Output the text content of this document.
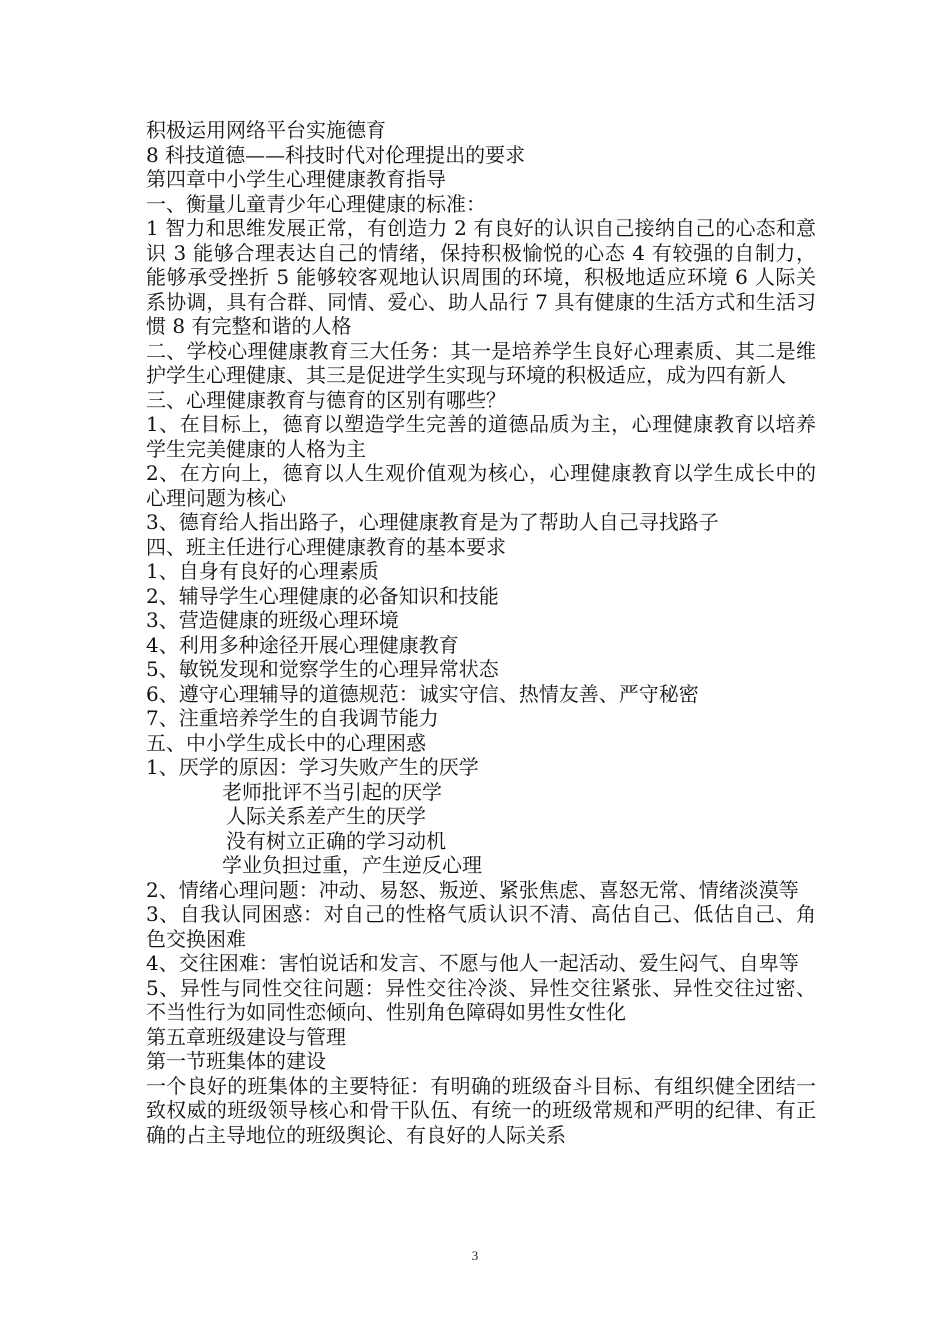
积极运用网络平台实施德育

8 科技道德——科技时代对伦理提出的要求

第四章中小学生心理健康教育指导

一、衡量儿童青少年心理健康的标准：

1 智力和思维发展正常，有创造力 2 有良好的认识自己接纳自己的心态和意识 3 能够合理表达自己的情绪，保持积极愉悦的心态 4 有较强的自制力，能够承受挫折 5 能够较客观地认识周围的环境，积极地适应环境 6 人际关系协调，具有合群、同情、爱心、助人品行 7 具有健康的生活方式和生活习惯 8 有完整和谐的人格

二、学校心理健康教育三大任务：其一是培养学生良好心理素质、其二是维护学生心理健康、其三是促进学生实现与环境的积极适应，成为四有新人

三、心理健康教育与德育的区别有哪些？

1、在目标上，德育以塑造学生完善的道德品质为主，心理健康教育以培养学生完美健康的人格为主

2、在方向上，德育以人生观价值观为核心，心理健康教育以学生成长中的心理问题为核心

3、德育给人指出路子，心理健康教育是为了帮助人自己寻找路子

四、班主任进行心理健康教育的基本要求

1、自身有良好的心理素质

2、辅导学生心理健康的必备知识和技能

3、营造健康的班级心理环境

4、利用多种途径开展心理健康教育

5、敏锐发现和觉察学生的心理异常状态

6、遵守心理辅导的道德规范：诚实守信、热情友善、严守秘密

7、注重培养学生的自我调节能力

五、中小学生成长中的心理困惑

1、厌学的原因：学习失败产生的厌学

老师批评不当引起的厌学

人际关系差产生的厌学

没有树立正确的学习动机

学业负担过重，产生逆反心理

2、情绪心理问题：冲动、易怒、叛逆、紧张焦虑、喜怒无常、情绪淡漠等

3、自我认同困惑：对自己的性格气质认识不清、高估自己、低估自己、角色交换困难

4、交往困难：害怕说话和发言、不愿与他人一起活动、爱生闷气、自卑等

5、异性与同性交往问题：异性交往冷淡、异性交往紧张、异性交往过密、不当性行为如同性恋倾向、性别角色障碍如男性女性化

第五章班级建设与管理

第一节班集体的建设

一个良好的班集体的主要特征：有明确的班级奋斗目标、有组织健全团结一致权威的班级领导核心和骨干队伍、有统一的班级常规和严明的纪律、有正确的占主导地位的班级舆论、有良好的人际关系

3
